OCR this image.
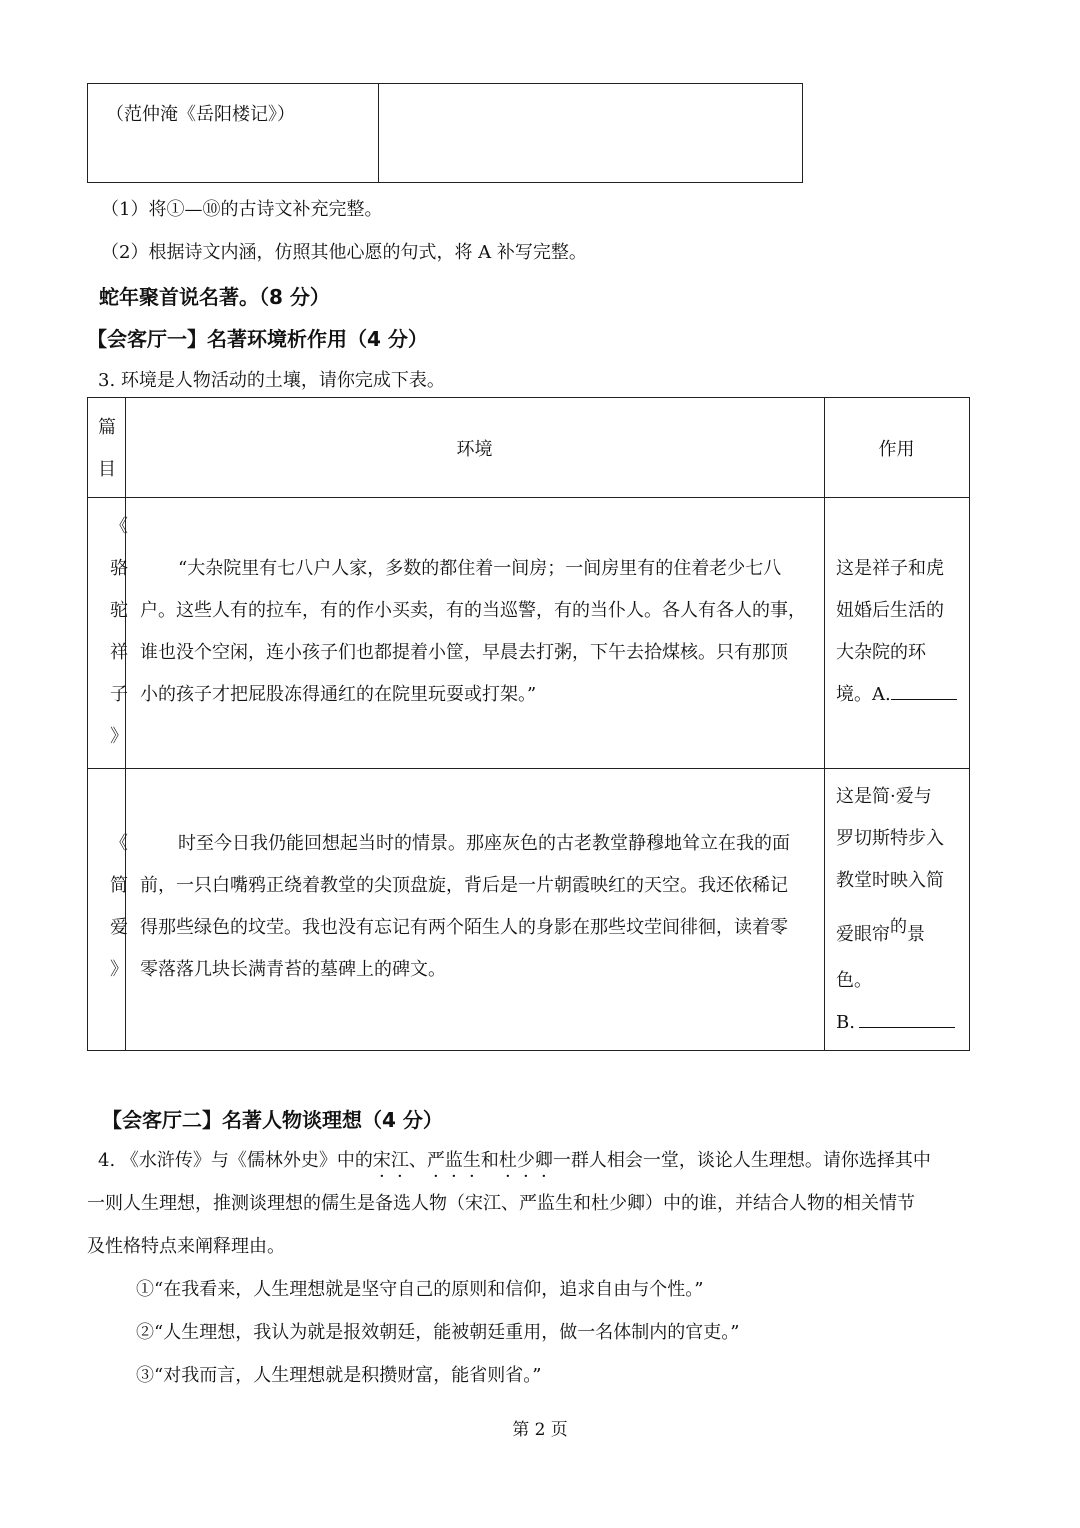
（范仲淹《岳阳楼记》）
（1）将①—⑩的古诗文补充完整。
（2）根据诗文内涵，仿照其他心愿的句式，将 A 补写完整。
蛇年聚首说名著。（8 分）
【会客厅一】名著环境析作用（4 分）
3. 环境是人物活动的土壤，请你完成下表。
篇
目
环境	作用
《
骆
驼
祥
子
》
“大杂院里有七八户人家，多数的都住着一间房；一间房里有的住着老少七八
户。这些人有的拉车，有的作小买卖，有的当巡警，有的当仆人。各人有各人的事，
谁也没个空闲，连小孩子们也都提着小筐，早晨去打粥，下午去拾煤核。只有那顶
小的孩子才把屁股冻得通红的在院里玩耍或打架。”
这是祥子和虎
妞婚后生活的
大杂院的环
境。A.
《
简
爱
》
时至今日我仍能回想起当时的情景。那座灰色的古老教堂静穆地耸立在我的面
前，一只白嘴鸦正绕着教堂的尖顶盘旋，背后是一片朝霞映红的天空。我还依稀记
得那些绿色的坟茔。我也没有忘记有两个陌生人的身影在那些坟茔间徘徊，读着零
零落落几块长满青苔的墓碑上的碑文。
这是简·爱与
罗切斯特步入
教堂时映入简
爱眼帘的景
色。
B.
【会客厅二】名著人物谈理想（4 分）
4. 《水浒传》与《儒林外史》中的宋江、严监生和杜少卿一群人相会一堂，谈论人生理想。请你选择其中
一则人生理想，推测谈理想的儒生是备选人物（宋江、严监生和杜少卿）中的谁，并结合人物的相关情节
及性格特点来阐释理由。
①“在我看来，人生理想就是坚守自己的原则和信仰，追求自由与个性。”
②“人生理想，我认为就是报效朝廷，能被朝廷重用，做一名体制内的官吏。”
③“对我而言，人生理想就是积攒财富，能省则省。”
第 2 页
